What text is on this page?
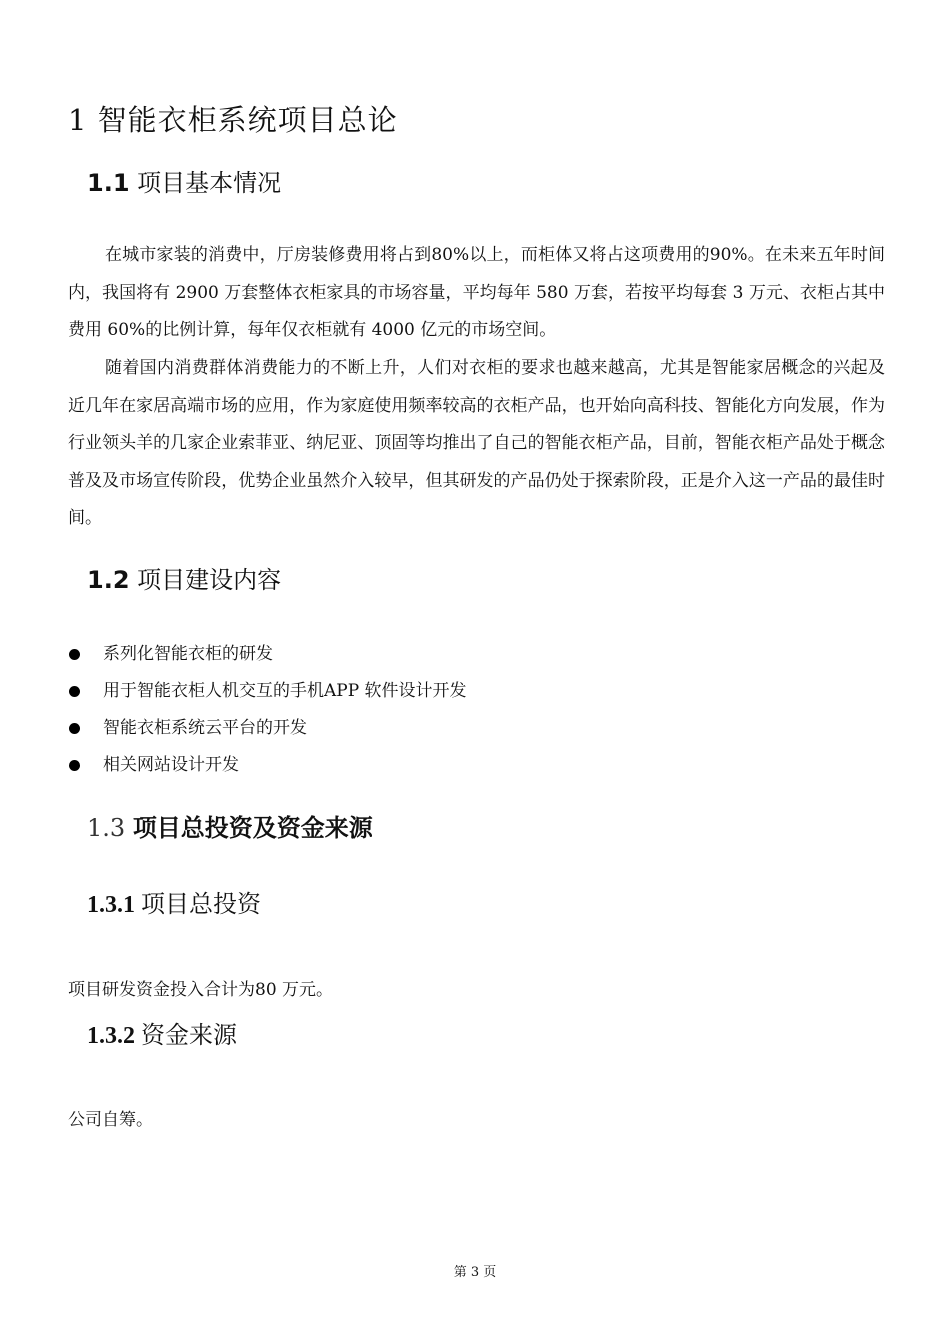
1 智能衣柜系统项目总论
1.1 项目基本情况

在城市家装的消费中，厅房装修费用将占到80%以上，而柜体又将占这项费用的90%。在未来五年时间内，我国将有 2900 万套整体衣柜家具的市场容量，平均每年 580 万套，若按平均每套 3 万元、衣柜占其中费用 60%的比例计算，每年仅衣柜就有 4000 亿元的市场空间。

随着国内消费群体消费能力的不断上升，人们对衣柜的要求也越来越高，尤其是智能家居概念的兴起及近几年在家居高端市场的应用，作为家庭使用频率较高的衣柜产品，也开始向高科技、智能化方向发展，作为行业领头羊的几家企业索菲亚、纳尼亚、顶固等均推出了自己的智能衣柜产品，目前，智能衣柜产品处于概念普及及市场宣传阶段，优势企业虽然介入较早，但其研发的产品仍处于探索阶段，正是介入这一产品的最佳时间。

1.2 项目建设内容
系列化智能衣柜的研发
用于智能衣柜人机交互的手机APP 软件设计开发
智能衣柜系统云平台的开发
相关网站设计开发
1.3 项目总投资及资金来源
1.3.1 项目总投资
项目研发资金投入合计为80 万元。
1.3.2 资金来源
公司自筹。
第 3 页
